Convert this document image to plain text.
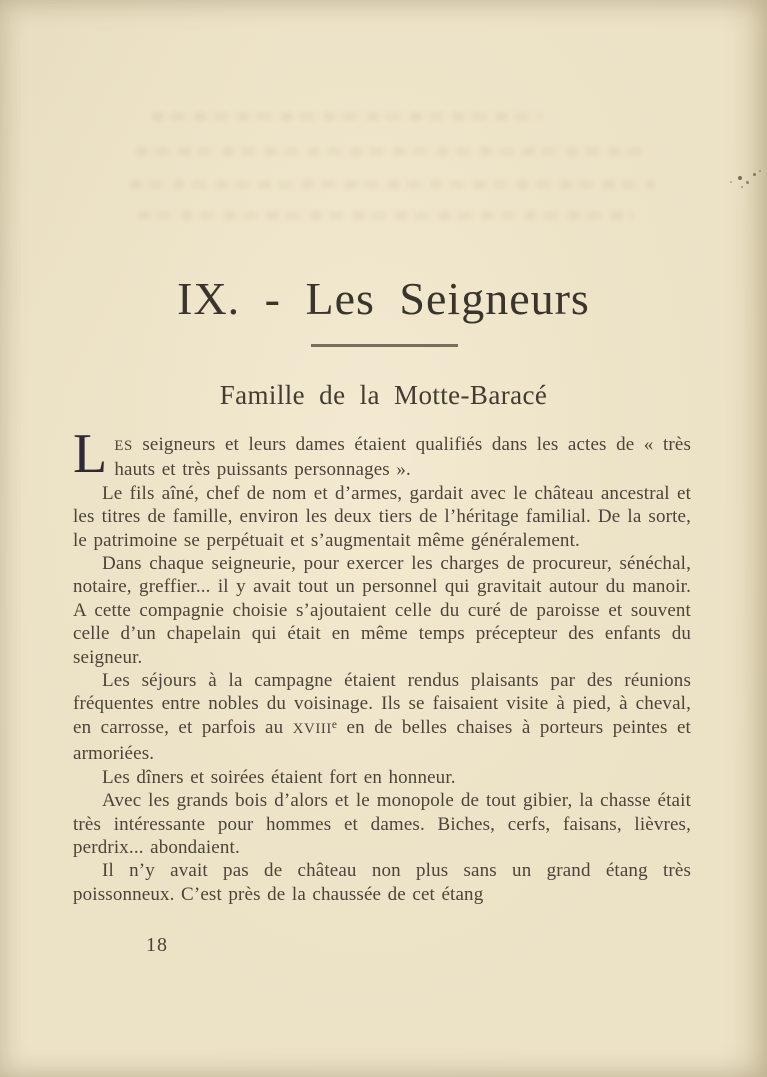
IX. - Les Seigneurs
Famille de la Motte-Baracé

LES seigneurs et leurs dames étaient qualifiés dans les actes de « très hauts et très puissants personnages ».

Le fils aîné, chef de nom et d’armes, gardait avec le château ancestral et les titres de famille, environ les deux tiers de l’héritage familial. De la sorte, le patrimoine se perpétuait et s’augmentait même généralement.

Dans chaque seigneurie, pour exercer les charges de procureur, sénéchal, notaire, greffier... il y avait tout un personnel qui gravitait autour du manoir. A cette compagnie choisie s’ajoutaient celle du curé de paroisse et souvent celle d’un chapelain qui était en même temps précepteur des enfants du seigneur.

Les séjours à la campagne étaient rendus plaisants par des réunions fréquentes entre nobles du voisinage. Ils se faisaient visite à pied, à cheval, en carrosse, et parfois au XVIIIe en de belles chaises à porteurs peintes et armoriées.

Les dîners et soirées étaient fort en honneur.

Avec les grands bois d’alors et le monopole de tout gibier, la chasse était très intéressante pour hommes et dames. Biches, cerfs, faisans, lièvres, perdrix... abondaient.

Il n’y avait pas de château non plus sans un grand étang très poissonneux. C’est près de la chaussée de cet étang

18
